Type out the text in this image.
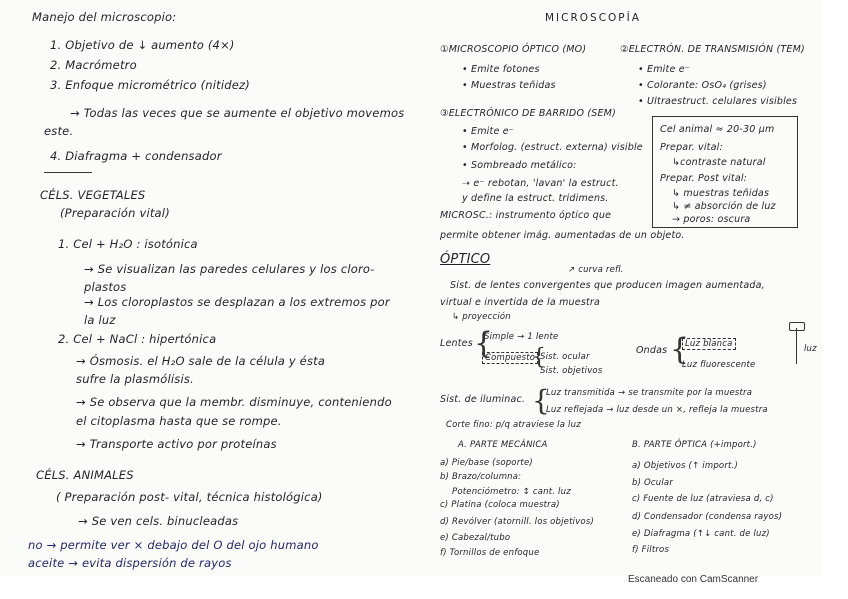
Manejo del microscopio:
1. Objetivo de ↓ aumento (4×)
2. Macrómetro
3. Enfoque micrométrico (nitidez)
→ Todas las veces que se aumente el objetivo movemos
este.
4. Diafragma + condensador
CÉLS. VEGETALES
(Preparación vital)
1. Cel + H₂O : isotónica
→ Se visualizan las paredes celulares y los cloro-
plastos
→ Los cloroplastos se desplazan a los extremos por
la luz
2. Cel + NaCl : hipertónica
→ Ósmosis. el H₂O sale de la célula y ésta
sufre la plasmólisis.
→ Se observa que la membr. disminuye, conteniendo
el citoplasma hasta que se rompe.
→ Transporte activo por proteínas
CÉLS. ANIMALES
( Preparación post- vital, técnica histológica)
→ Se ven cels. binucleadas
no → permite ver × debajo del O del ojo humano
aceite → evita dispersión de rayos
MICROSCOPÍA
①MICROSCOPIO ÓPTICO (MO)
• Emite fotones
• Muestras teñidas
②ELECTRÓN. DE TRANSMISIÓN (TEM)
• Emite e⁻
• Colorante: OsO₄ (grises)
• Ultraestruct. celulares visibles
③ELECTRÓNICO DE BARRIDO (SEM)
• Emite e⁻
• Morfolog. (estruct. externa) visible
• Sombreado metálico:
➝ e⁻ rebotan, 'lavan' la estruct.
y define la estruct. tridimens.
Cel animal ≈ 20-30 μm
Prepar. vital:
↳contraste natural
Prepar. Post vital:
↳ muestras teñidas
↳ ≠ absorción de luz
→ poros: oscura
MICROSC.: instrumento óptico que
permite obtener imág. aumentadas de un objeto.
ÓPTICO
↗ curva refl.
Sist. de lentes convergentes que producen imagen aumentada,
virtual e invertida de la muestra
↳ proyección
Lentes {
Simple → 1 lente
Compuesto
{
Sist. ocular
Sist. objetivos
Ondas {
Luz blanca
Luz fluorescente
luz
Sist. de iluminac. {
Luz transmitida → se transmite por la muestra
Luz reflejada → luz desde un ×, refleja la muestra
Corte fino: p/q atraviese la luz
A. PARTE MECÁNICA
a) Pie/base (soporte)
b) Brazo/columna:
Potenciómetro: ↕ cant. luz
c) Platina (coloca muestra)
d) Revólver (atornill. los objetivos)
e) Cabezal/tubo
f) Tornillos de enfoque
B. PARTE ÓPTICA (+import.)
a) Objetivos (↑ import.)
b) Ocular
c) Fuente de luz (atraviesa d, c)
d) Condensador (condensa rayos)
e) Diafragma (↑↓ cant. de luz)
f) Filtros
Escaneado con CamScanner
